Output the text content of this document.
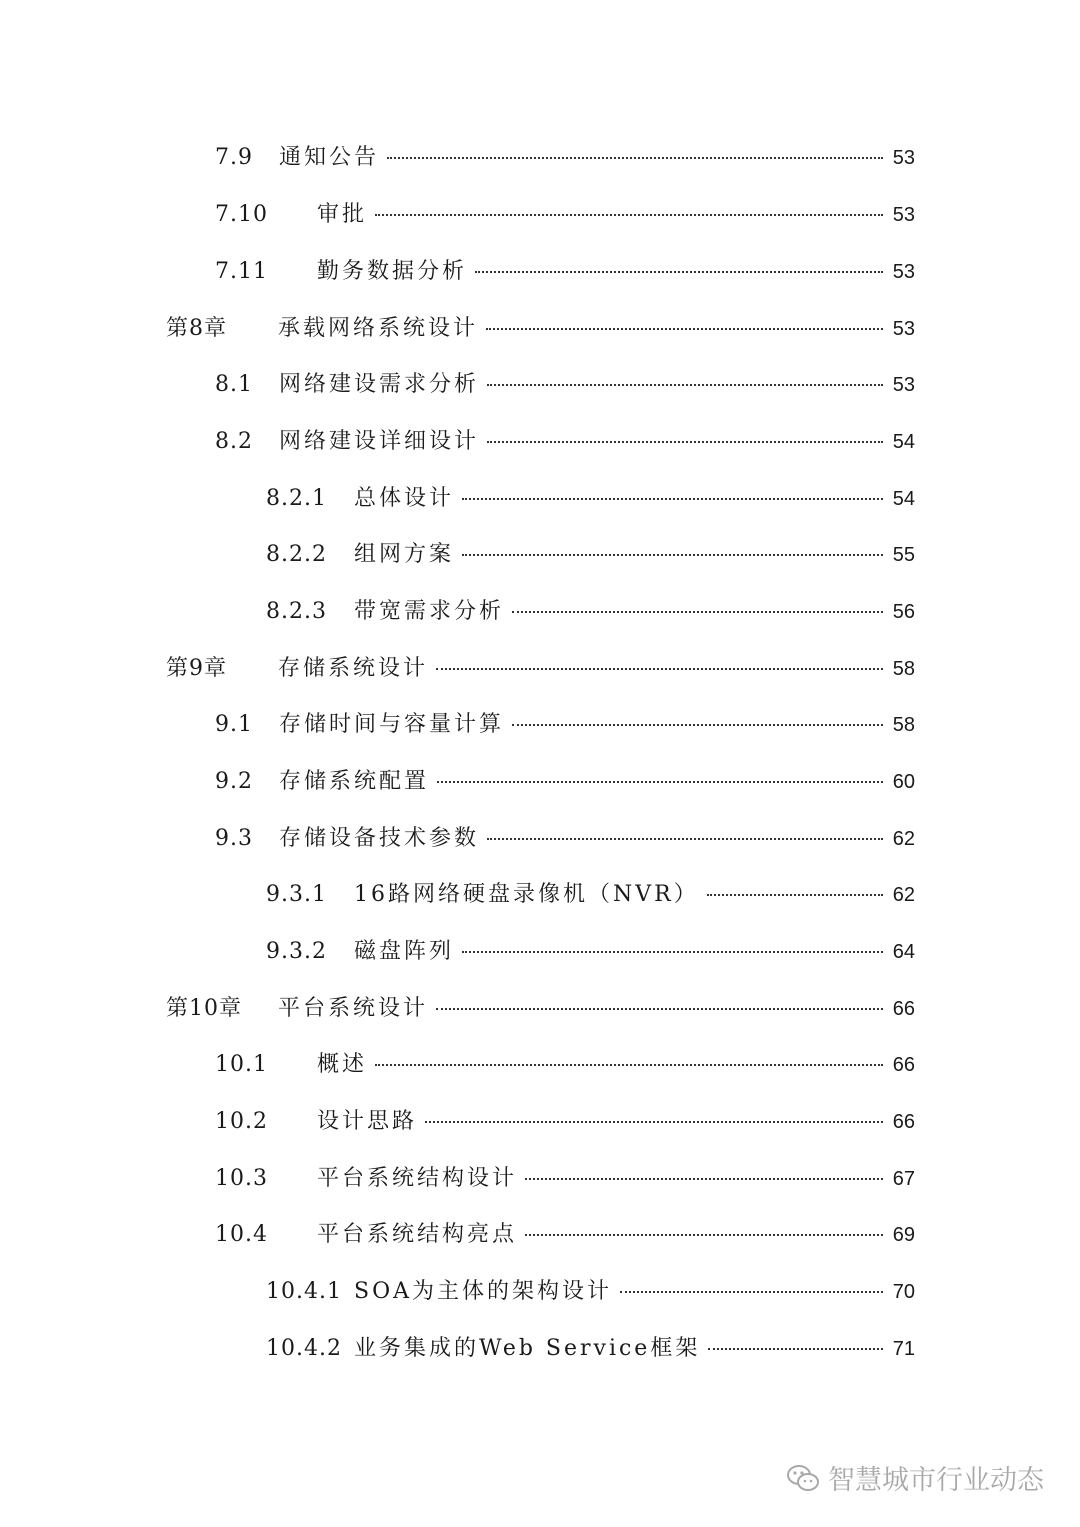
7.9	通知公告	53
7.10	审批	53
7.11	勤务数据分析	53
第8章	承载网络系统设计	53
8.1	网络建设需求分析	53
8.2	网络建设详细设计	54
8.2.1	总体设计	54
8.2.2	组网方案	55
8.2.3	带宽需求分析	56
第9章	存储系统设计	58
9.1	存储时间与容量计算	58
9.2	存储系统配置	60
9.3	存储设备技术参数	62
9.3.1	16路网络硬盘录像机（NVR）	62
9.3.2	磁盘阵列	64
第10章	平台系统设计	66
10.1	概述	66
10.2	设计思路	66
10.3	平台系统结构设计	67
10.4	平台系统结构亮点	69
10.4.1 SOA为主体的架构设计	70
10.4.2 业务集成的Web Service框架	71
智慧城市行业动态
